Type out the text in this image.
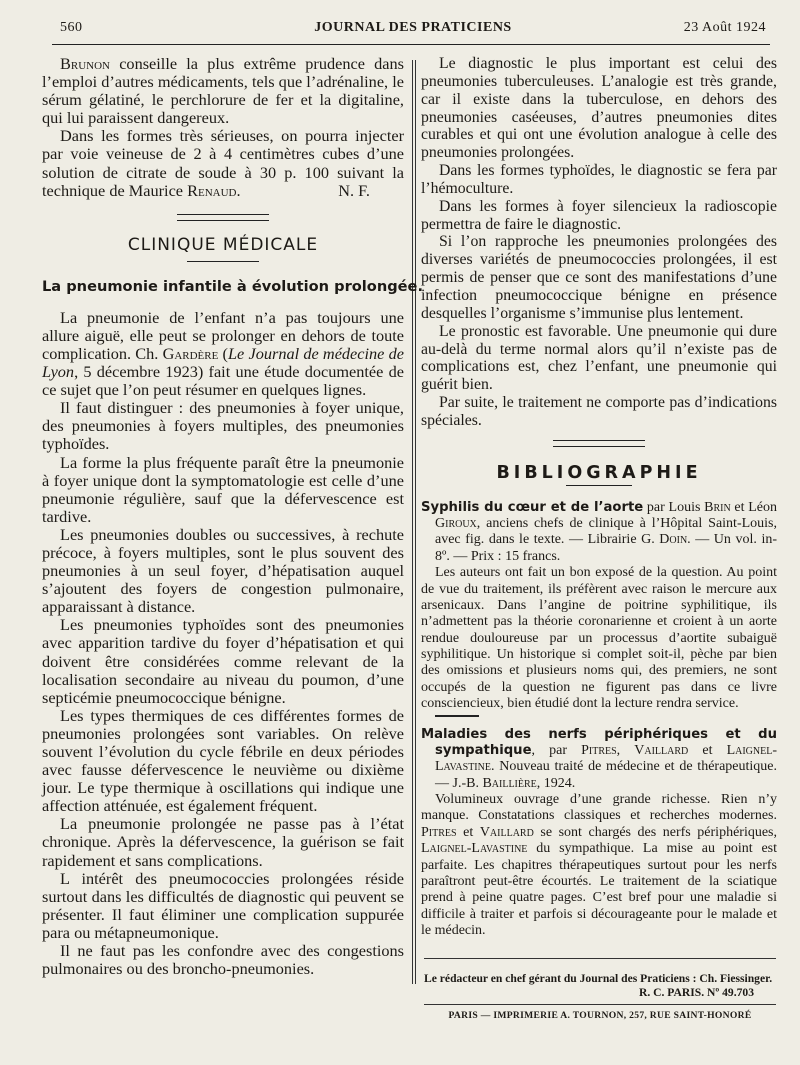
560	JOURNAL DES PRATICIENS	23 Août 1924

Brunon conseille la plus extrême prudence dans l’emploi d’autres médicaments, tels que l’adrénaline, le sérum gélatiné, le perchlorure de fer et la digitaline, qui lui paraissent dangereux.

Dans les formes très sérieuses, on pourra injecter par voie veineuse de 2 à 4 centimètres cubes d’une solution de citrate de soude à 30 p. 100 suivant la technique de Maurice Renaud.	N. F.

CLINIQUE MÉDICALE
La pneumonie infantile à évolution prolongée.

La pneumonie de l’enfant n’a pas toujours une allure aiguë, elle peut se prolonger en dehors de toute complication. Ch. Gardère (Le Journal de médecine de Lyon, 5 décembre 1923) fait une étude documentée de ce sujet que l’on peut résumer en quelques lignes.

Il faut distinguer : des pneumonies à foyer unique, des pneumonies à foyers multiples, des pneumonies typhoïdes.

La forme la plus fréquente paraît être la pneumonie à foyer unique dont la symptomatologie est celle d’une pneumonie régulière, sauf que la défervescence est tardive.

Les pneumonies doubles ou successives, à rechute précoce, à foyers multiples, sont le plus souvent des pneumonies à un seul foyer, d’hépatisation auquel s’ajoutent des foyers de congestion pulmonaire, apparaissant à distance.

Les pneumonies typhoïdes sont des pneumonies avec apparition tardive du foyer d’hépatisation et qui doivent être considérées comme relevant de la localisation secondaire au niveau du poumon, d’une septicémie pneumococcique bénigne.

Les types thermiques de ces différentes formes de pneumonies prolongées sont variables. On relève souvent l’évolution du cycle fébrile en deux périodes avec fausse défervescence le neuvième ou dixième jour. Le type thermique à oscillations qui indique une affection atténuée, est également fréquent.

La pneumonie prolongée ne passe pas à l’état chronique. Après la défervescence, la guérison se fait rapidement et sans complications.

L intérêt des pneumococcies prolongées réside surtout dans les difficultés de diagnostic qui peuvent se présenter. Il faut éliminer une complication suppurée para ou métapneumonique.

Il ne faut pas les confondre avec des congestions pulmonaires ou des broncho-pneumonies.

Le diagnostic le plus important est celui des pneumonies tuberculeuses. L’analogie est très grande, car il existe dans la tuberculose, en dehors des pneumonies caséeuses, d’autres pneumonies dites curables et qui ont une évolution analogue à celle des pneumonies prolongées.

Dans les formes typhoïdes, le diagnostic se fera par l’hémoculture.

Dans les formes à foyer silencieux la radioscopie permettra de faire le diagnostic.

Si l’on rapproche les pneumonies prolongées des diverses variétés de pneumococcies prolongées, il est permis de penser que ce sont des manifestations d’une infection pneumococcique bénigne en présence desquelles l’organisme s’immunise plus lentement.

Le pronostic est favorable. Une pneumonie qui dure au-delà du terme normal alors qu’il n’existe pas de complications est, chez l’enfant, une pneumonie qui guérit bien.

Par suite, le traitement ne comporte pas d’indications spéciales.

BIBLIOGRAPHIE

Syphilis du cœur et de l’aorte par Louis Brin et Léon Giroux, anciens chefs de clinique à l’Hôpital Saint-Louis, avec fig. dans le texte. — Librairie G. Doin. — Un vol. in-8º. — Prix : 15 francs.

Les auteurs ont fait un bon exposé de la question. Au point de vue du traitement, ils préfèrent avec raison le mercure aux arsenicaux. Dans l’angine de poitrine syphilitique, ils n’admettent pas la théorie coronarienne et croient à un aorte rendue douloureuse par un processus d’aortite subaiguë syphilitique. Un historique si complet soit-il, pèche par bien des omissions et plusieurs noms qui, des premiers, ne sont occupés de la question ne figurent pas dans ce livre consciencieux, bien étudié dont la lecture rendra service.

Maladies des nerfs périphériques et du sympathique, par Pitres, Vaillard et Laignel-Lavastine. Nouveau traité de médecine et de thérapeutique. — J.-B. Baillière, 1924.

Volumineux ouvrage d’une grande richesse. Rien n’y manque. Constatations classiques et recherches modernes. Pitres et Vaillard se sont chargés des nerfs périphériques, Laignel-Lavastine du sympathique. La mise au point est parfaite. Les chapitres thérapeutiques surtout pour les nerfs paraîtront peut-être écourtés. Le traitement de la sciatique prend à peine quatre pages. C’est bref pour une maladie si difficile à traiter et parfois si décourageante pour le malade et le médecin.

Le rédacteur en chef gérant du Journal des Praticiens : Ch. Fiessinger.
R. C. PARIS. Nº 49.703
PARIS — IMPRIMERIE A. TOURNON, 257, RUE SAINT-HONORÉ
